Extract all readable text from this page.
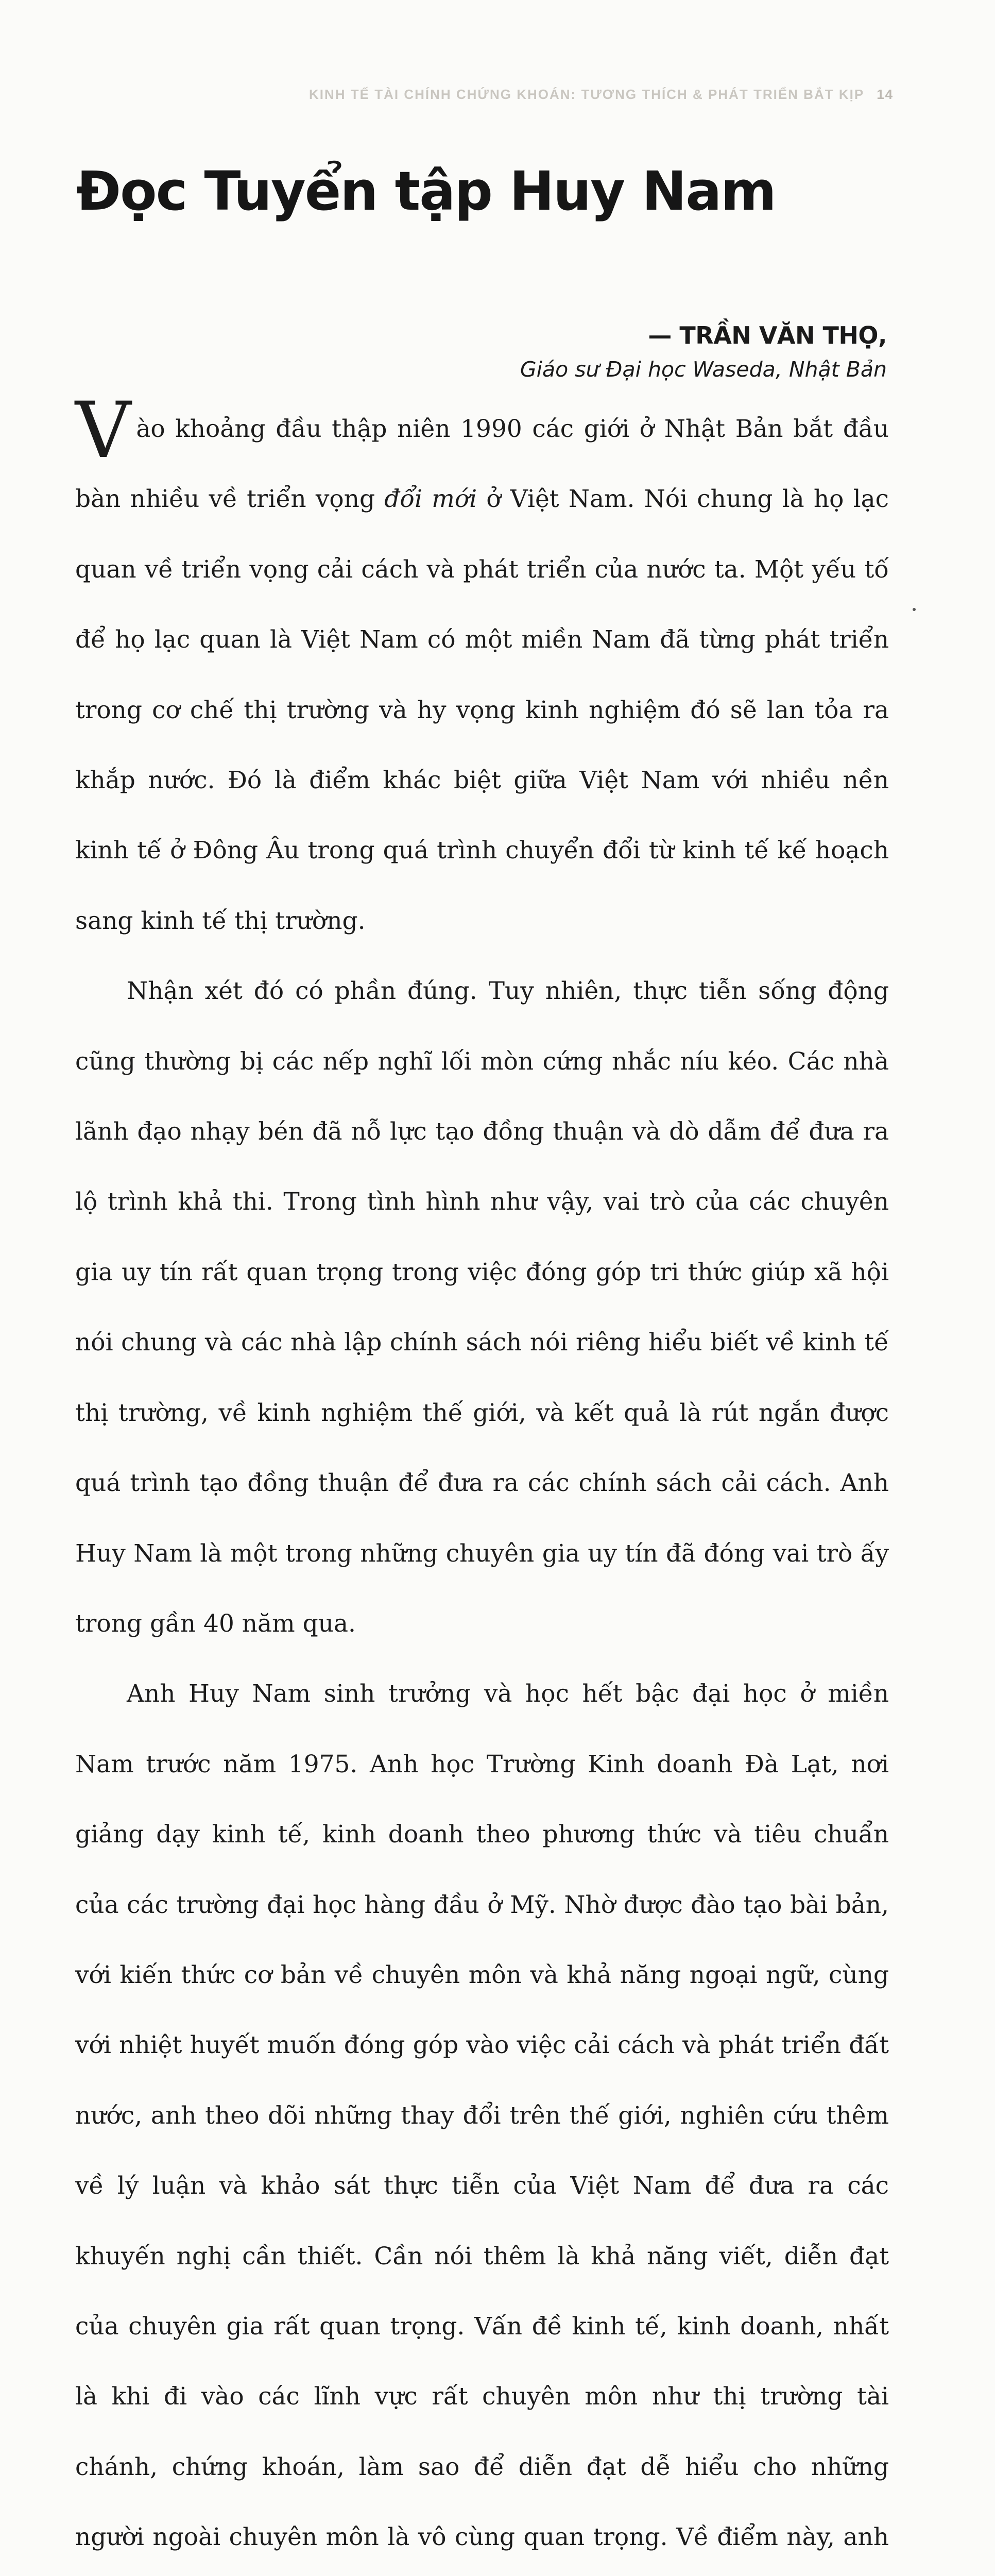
KINH TẾ TÀI CHÍNH CHỨNG KHOÁN: TƯƠNG THÍCH & PHÁT TRIỂN BẮT KỊP 14
Đọc Tuyển tập Huy Nam
— TRẦN VĂN THỌ,
Giáo sư Đại học Waseda, Nhật Bản

Vào khoảng đầu thập niên 1990 các giới ở Nhật Bản bắt đầu bàn nhiều về triển vọng đổi mới ở Việt Nam. Nói chung là họ lạc quan về triển vọng cải cách và phát triển của nước ta. Một yếu tố để họ lạc quan là Việt Nam có một miền Nam đã từng phát triển trong cơ chế thị trường và hy vọng kinh nghiệm đó sẽ lan tỏa ra khắp nước. Đó là điểm khác biệt giữa Việt Nam với nhiều nền kinh tế ở Đông Âu trong quá trình chuyển đổi từ kinh tế kế hoạch sang kinh tế thị trường.

Nhận xét đó có phần đúng. Tuy nhiên, thực tiễn sống động cũng thường bị các nếp nghĩ lối mòn cứng nhắc níu kéo. Các nhà lãnh đạo nhạy bén đã nỗ lực tạo đồng thuận và dò dẫm để đưa ra lộ trình khả thi. Trong tình hình như vậy, vai trò của các chuyên gia uy tín rất quan trọng trong việc đóng góp tri thức giúp xã hội nói chung và các nhà lập chính sách nói riêng hiểu biết về kinh tế thị trường, về kinh nghiệm thế giới, và kết quả là rút ngắn được quá trình tạo đồng thuận để đưa ra các chính sách cải cách. Anh Huy Nam là một trong những chuyên gia uy tín đã đóng vai trò ấy trong gần 40 năm qua.

Anh Huy Nam sinh trưởng và học hết bậc đại học ở miền Nam trước năm 1975. Anh học Trường Kinh doanh Đà Lạt, nơi giảng dạy kinh tế, kinh doanh theo phương thức và tiêu chuẩn của các trường đại học hàng đầu ở Mỹ. Nhờ được đào tạo bài bản, với kiến thức cơ bản về chuyên môn và khả năng ngoại ngữ, cùng với nhiệt huyết muốn đóng góp vào việc cải cách và phát triển đất nước, anh theo dõi những thay đổi trên thế giới, nghiên cứu thêm về lý luận và khảo sát thực tiễn của Việt Nam để đưa ra các khuyến nghị cần thiết. Cần nói thêm là khả năng viết, diễn đạt của chuyên gia rất quan trọng. Vấn đề kinh tế, kinh doanh, nhất là khi đi vào các lĩnh vực rất chuyên môn như thị trường tài chánh, chứng khoán, làm sao để diễn đạt dễ hiểu cho những người ngoài chuyên môn là vô cùng quan trọng. Về điểm này, anh
